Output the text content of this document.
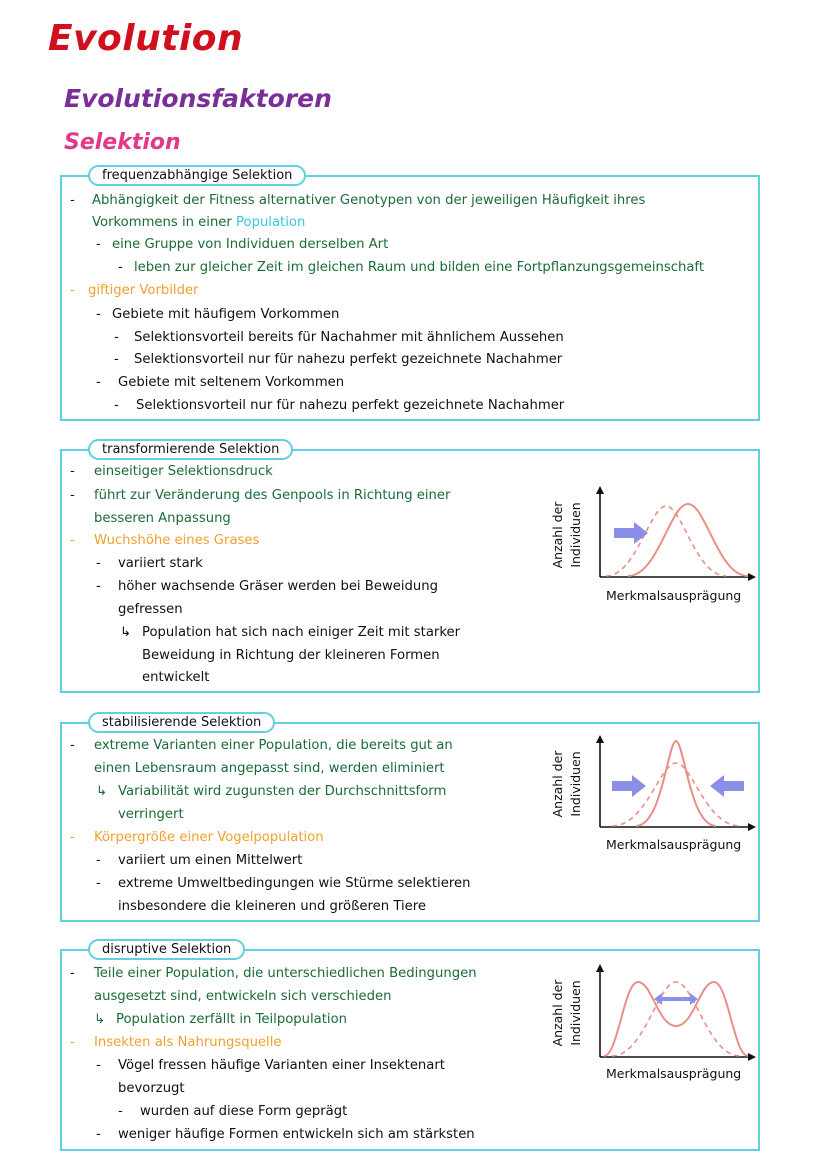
Evolution
Evolutionsfaktoren
Selektion
frequenzabhängige Selektion
- Abhängigkeit der Fitness alternativer Genotypen von der jeweiligen Häufigkeit ihres
Vorkommens in einer Population
- eine Gruppe von Individuen derselben Art
- leben zur gleicher Zeit im gleichen Raum und bilden eine Fortpflanzungsgemeinschaft
- giftiger Vorbilder
- Gebiete mit häufigem Vorkommen
- Selektionsvorteil bereits für Nachahmer mit ähnlichem Aussehen
- Selektionsvorteil nur für nahezu perfekt gezeichnete Nachahmer
- Gebiete mit seltenem Vorkommen
- Selektionsvorteil nur für nahezu perfekt gezeichnete Nachahmer
transformierende Selektion
- einseitiger Selektionsdruck
- führt zur Veränderung des Genpools in Richtung einer
besseren Anpassung
- Wuchshöhe eines Grases
- variiert stark
- höher wachsende Gräser werden bei Beweidung
gefressen
↳ Population hat sich nach einiger Zeit mit starker
Beweidung in Richtung der kleineren Formen
entwickelt
stabilisierende Selektion
- extreme Varianten einer Population, die bereits gut an
einen Lebensraum angepasst sind, werden eliminiert
↳ Variabilität wird zugunsten der Durchschnittsform
verringert
- Körpergröße einer Vogelpopulation
- variiert um einen Mittelwert
- extreme Umweltbedingungen wie Stürme selektieren
insbesondere die kleineren und größeren Tiere
disruptive Selektion
- Teile einer Population, die unterschiedlichen Bedingungen
ausgesetzt sind, entwickeln sich verschieden
↳ Population zerfällt in Teilpopulation
- Insekten als Nahrungsquelle
- Vögel fressen häufige Varianten einer Insektenart
bevorzugt
- wurden auf diese Form geprägt
- weniger häufige Formen entwickeln sich am stärksten
Anzahl der Individuen
Merkmalsausprägung
Anzahl der Individuen
Merkmalsausprägung
Anzahl der Individuen
Merkmalsausprägung
